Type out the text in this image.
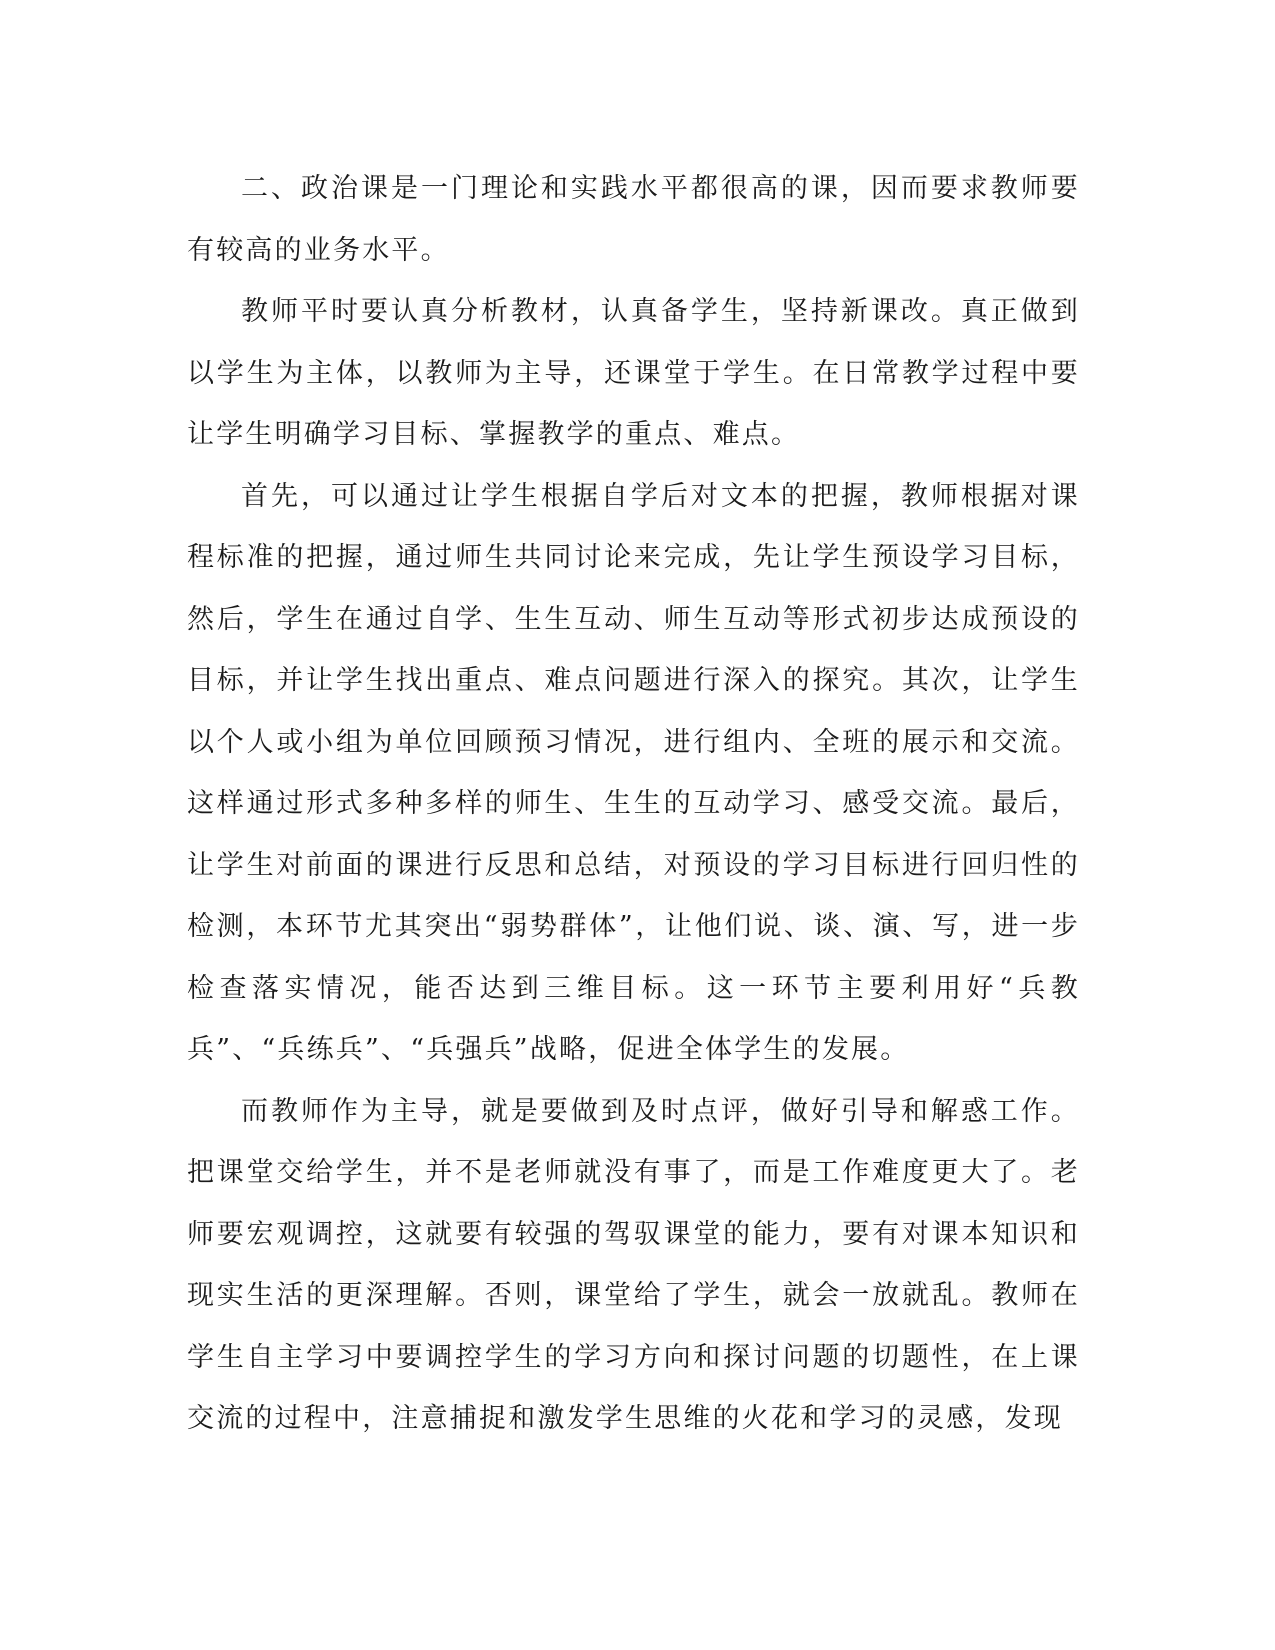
二、政治课是一门理论和实践水平都很高的课，因而要求教师要有较高的业务水平。

教师平时要认真分析教材，认真备学生，坚持新课改。真正做到以学生为主体，以教师为主导，还课堂于学生。在日常教学过程中要让学生明确学习目标、掌握教学的重点、难点。

首先，可以通过让学生根据自学后对文本的把握，教师根据对课程标准的把握，通过师生共同讨论来完成，先让学生预设学习目标，然后，学生在通过自学、生生互动、师生互动等形式初步达成预设的目标，并让学生找出重点、难点问题进行深入的探究。其次，让学生以个人或小组为单位回顾预习情况，进行组内、全班的展示和交流。这样通过形式多种多样的师生、生生的互动学习、感受交流。最后，让学生对前面的课进行反思和总结，对预设的学习目标进行回归性的检测，本环节尤其突出“弱势群体”，让他们说、谈、演、写，进一步检查落实情况，能否达到三维目标。这一环节主要利用好“兵教兵”、“兵练兵”、“兵强兵”战略，促进全体学生的发展。

而教师作为主导，就是要做到及时点评，做好引导和解惑工作。把课堂交给学生，并不是老师就没有事了，而是工作难度更大了。老师要宏观调控，这就要有较强的驾驭课堂的能力，要有对课本知识和现实生活的更深理解。否则，课堂给了学生，就会一放就乱。教师在学生自主学习中要调控学生的学习方向和探讨问题的切题性，在上课交流的过程中，注意捕捉和激发学生思维的火花和学习的灵感，发现
